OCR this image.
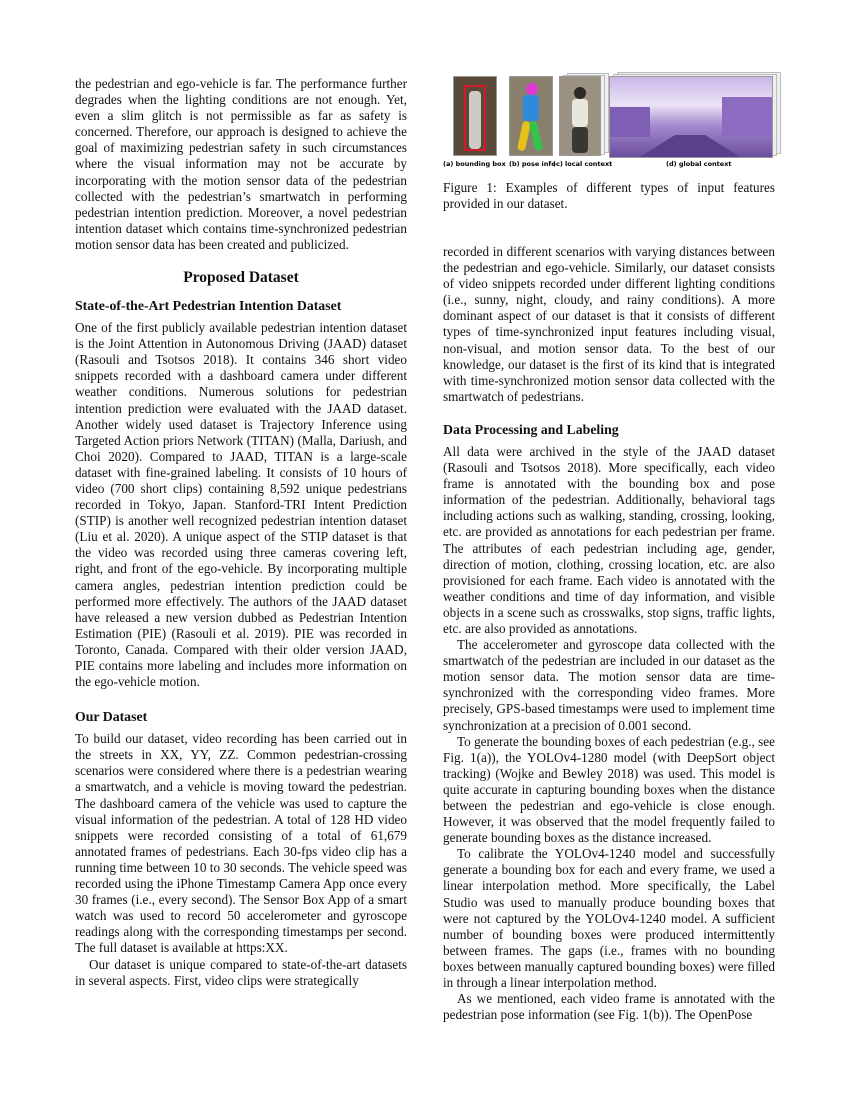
the pedestrian and ego-vehicle is far. The performance further degrades when the lighting conditions are not enough. Yet, even a slim glitch is not permissible as far as safety is concerned. Therefore, our approach is designed to achieve the goal of maximizing pedestrian safety in such circumstances where the visual information may not be accurate by incorporating with the motion sensor data of the pedestrian collected with the pedestrian’s smartwatch in performing pedestrian intention prediction. Moreover, a novel pedestrian intention dataset which contains time-synchronized pedestrian motion sensor data has been created and publicized.

Proposed Dataset
State-of-the-Art Pedestrian Intention Dataset

One of the first publicly available pedestrian intention dataset is the Joint Attention in Autonomous Driving (JAAD) dataset (Rasouli and Tsotsos 2018). It contains 346 short video snippets recorded with a dashboard camera under different weather conditions. Numerous solutions for pedestrian intention prediction were evaluated with the JAAD dataset. Another widely used dataset is Trajectory Inference using Targeted Action priors Network (TITAN) (Malla, Dariush, and Choi 2020). Compared to JAAD, TITAN is a large-scale dataset with fine-grained labeling. It consists of 10 hours of video (700 short clips) containing 8,592 unique pedestrians recorded in Tokyo, Japan. Stanford-TRI Intent Prediction (STIP) is another well recognized pedestrian intention dataset (Liu et al. 2020). A unique aspect of the STIP dataset is that the video was recorded using three cameras covering left, right, and front of the ego-vehicle. By incorporating multiple camera angles, pedestrian intention prediction could be performed more effectively. The authors of the JAAD dataset have released a new version dubbed as Pedestrian Intention Estimation (PIE) (Rasouli et al. 2019). PIE was recorded in Toronto, Canada. Compared with their older version JAAD, PIE contains more labeling and includes more information on the ego-vehicle motion.

Our Dataset

To build our dataset, video recording has been carried out in the streets in XX, YY, ZZ. Common pedestrian-crossing scenarios were considered where there is a pedestrian wearing a smartwatch, and a vehicle is moving toward the pedestrian. The dashboard camera of the vehicle was used to capture the visual information of the pedestrian. A total of 128 HD video snippets were recorded consisting of a total of 61,679 annotated frames of pedestrians. Each 30-fps video clip has a running time between 10 to 30 seconds. The vehicle speed was recorded using the iPhone Timestamp Camera App once every 30 frames (i.e., every second). The Sensor Box App of a smart watch was used to record 50 accelerometer and gyroscope readings along with the corresponding timestamps per second. The full dataset is available at https:XX.

Our dataset is unique compared to state-of-the-art datasets in several aspects. First, video clips were strategically

(a) bounding box (b) pose info
(c) local context	(d) global context
Figure 1: Examples of different types of input features provided in our dataset.

recorded in different scenarios with varying distances between the pedestrian and ego-vehicle. Similarly, our dataset consists of video snippets recorded under different lighting conditions (i.e., sunny, night, cloudy, and rainy conditions). A more dominant aspect of our dataset is that it consists of different types of time-synchronized input features including visual, non-visual, and motion sensor data. To the best of our knowledge, our dataset is the first of its kind that is integrated with time-synchronized motion sensor data collected with the smartwatch of pedestrians.

Data Processing and Labeling

All data were archived in the style of the JAAD dataset (Rasouli and Tsotsos 2018). More specifically, each video frame is annotated with the bounding box and pose information of the pedestrian. Additionally, behavioral tags including actions such as walking, standing, crossing, looking, etc. are provided as annotations for each pedestrian per frame. The attributes of each pedestrian including age, gender, direction of motion, clothing, crossing location, etc. are also provisioned for each frame. Each video is annotated with the weather conditions and time of day information, and visible objects in a scene such as crosswalks, stop signs, traffic lights, etc. are also provided as annotations.

The accelerometer and gyroscope data collected with the smartwatch of the pedestrian are included in our dataset as the motion sensor data. The motion sensor data are time-synchronized with the corresponding video frames. More precisely, GPS-based timestamps were used to implement time synchronization at a precision of 0.001 second.

To generate the bounding boxes of each pedestrian (e.g., see Fig. 1(a)), the YOLOv4-1280 model (with DeepSort object tracking) (Wojke and Bewley 2018) was used. This model is quite accurate in capturing bounding boxes when the distance between the pedestrian and ego-vehicle is close enough. However, it was observed that the model frequently failed to generate bounding boxes as the distance increased.

To calibrate the YOLOv4-1240 model and successfully generate a bounding box for each and every frame, we used a linear interpolation method. More specifically, the Label Studio was used to manually produce bounding boxes that were not captured by the YOLOv4-1240 model. A sufficient number of bounding boxes were produced intermittently between frames. The gaps (i.e., frames with no bounding boxes between manually captured bounding boxes) were filled in through a linear interpolation method.

As we mentioned, each video frame is annotated with the pedestrian pose information (see Fig. 1(b)). The OpenPose
